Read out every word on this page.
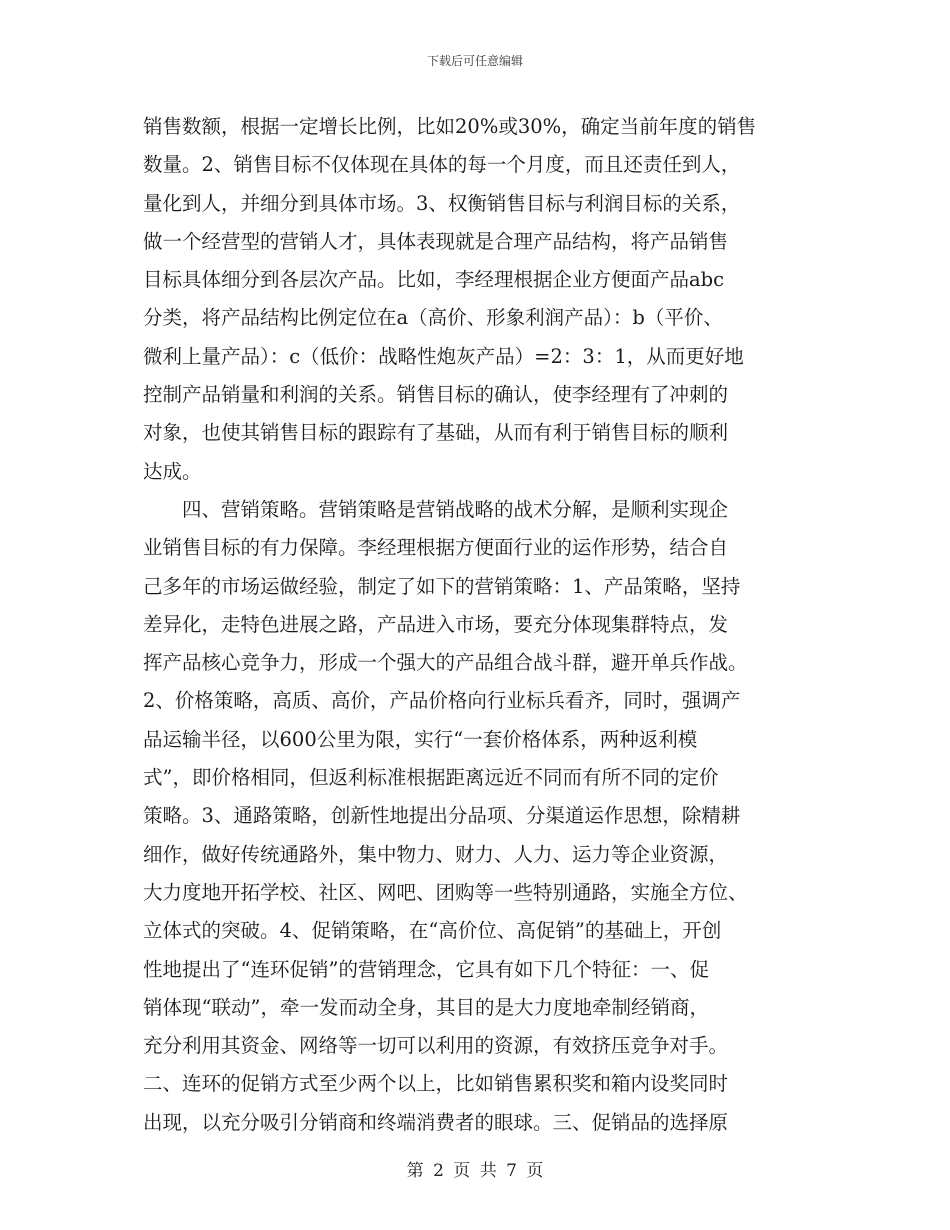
下载后可任意编辑
销售数额，根据一定增长比例，比如20%或30%，确定当前年度的销售
数量。2、销售目标不仅体现在具体的每一个月度，而且还责任到人，
量化到人，并细分到具体市场。3、权衡销售目标与利润目标的关系，
做一个经营型的营销人才，具体表现就是合理产品结构，将产品销售
目标具体细分到各层次产品。比如，李经理根据企业方便面产品abc
分类，将产品结构比例定位在a（高价、形象利润产品）：b（平价、
微利上量产品）：c（低价：战略性炮灰产品）=2：3：1，从而更好地
控制产品销量和利润的关系。销售目标的确认，使李经理有了冲刺的
对象，也使其销售目标的跟踪有了基础，从而有利于销售目标的顺利
达成。
四、营销策略。营销策略是营销战略的战术分解，是顺利实现企
业销售目标的有力保障。李经理根据方便面行业的运作形势，结合自
己多年的市场运做经验，制定了如下的营销策略：1、产品策略，坚持
差异化，走特色进展之路，产品进入市场，要充分体现集群特点，发
挥产品核心竞争力，形成一个强大的产品组合战斗群，避开单兵作战。
2、价格策略，高质、高价，产品价格向行业标兵看齐，同时，强调产
品运输半径，以600公里为限，实行“一套价格体系，两种返利模
式”，即价格相同，但返利标准根据距离远近不同而有所不同的定价
策略。3、通路策略，创新性地提出分品项、分渠道运作思想，除精耕
细作，做好传统通路外，集中物力、财力、人力、运力等企业资源，
大力度地开拓学校、社区、网吧、团购等一些特别通路，实施全方位、
立体式的突破。4、促销策略，在“高价位、高促销”的基础上，开创
性地提出了“连环促销”的营销理念，它具有如下几个特征：一、促
销体现“联动”，牵一发而动全身，其目的是大力度地牵制经销商，
充分利用其资金、网络等一切可以利用的资源，有效挤压竞争对手。
二、连环的促销方式至少两个以上，比如销售累积奖和箱内设奖同时
出现，以充分吸引分销商和终端消费者的眼球。三、促销品的选择原
第 2 页 共 7 页
